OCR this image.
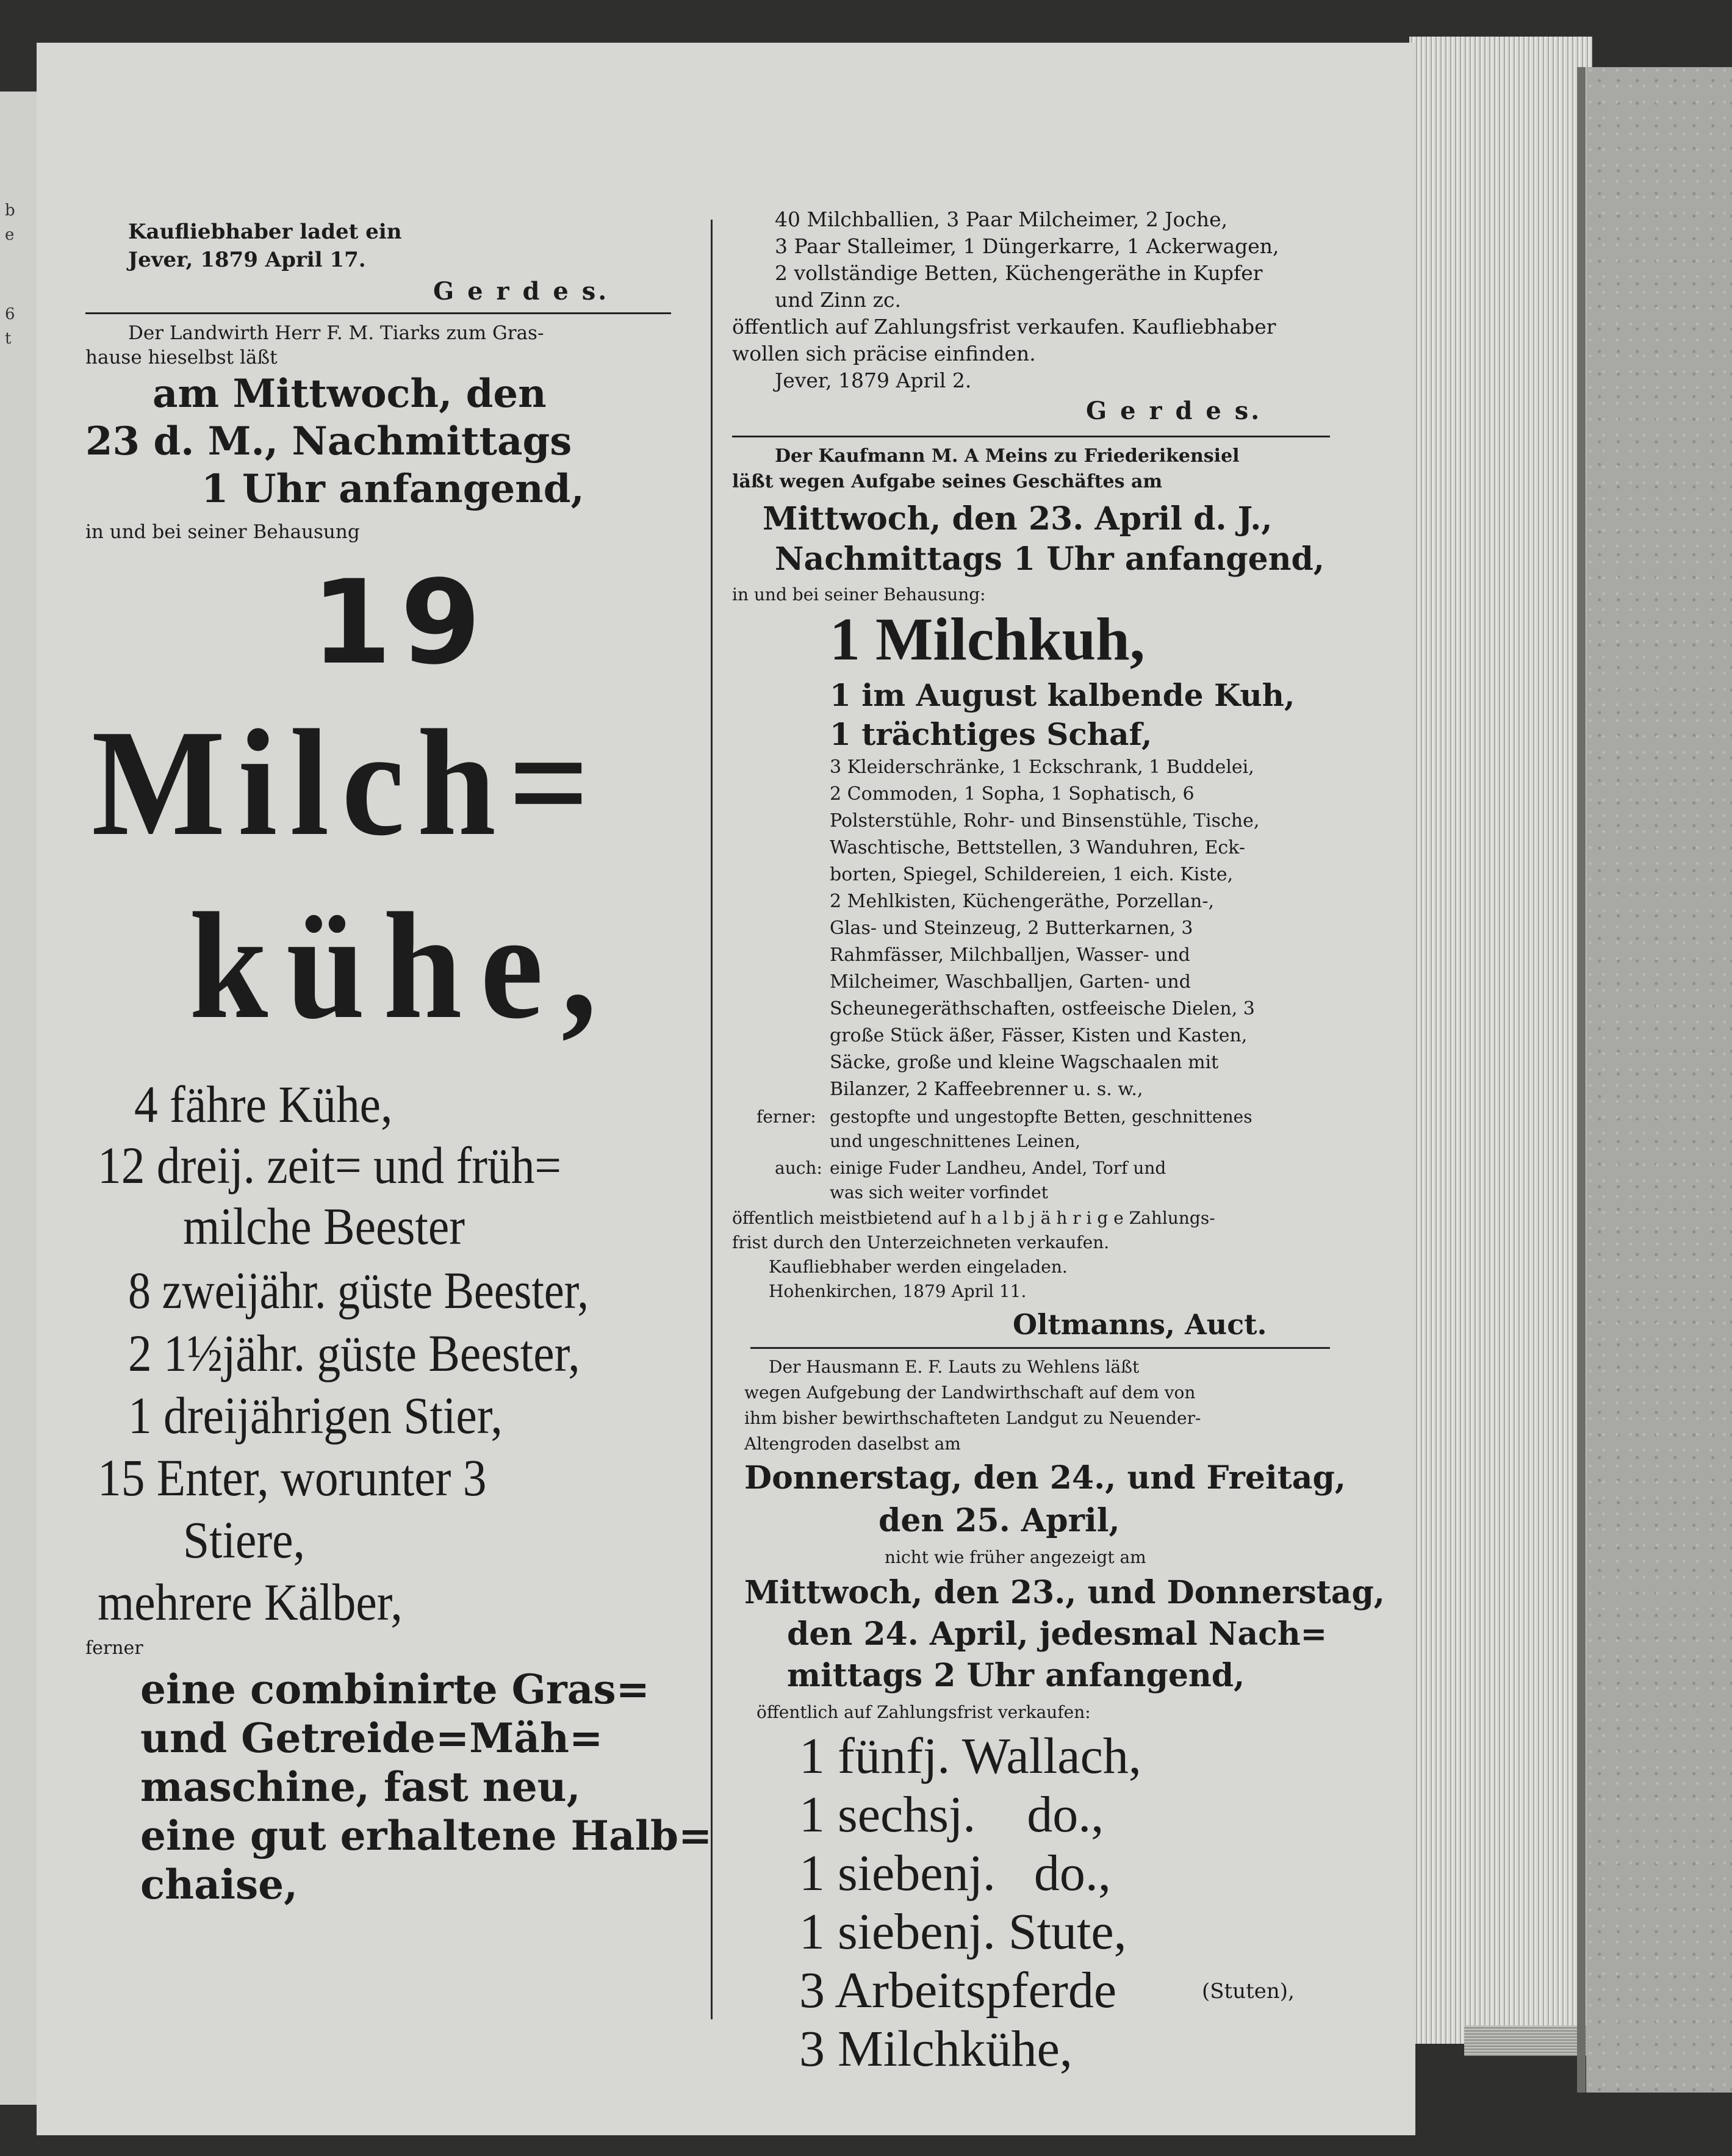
b
e
6
t

Kaufliebhaber ladet ein

Jever, 1879 April 17.

G e r d e s.

Der Landwirth Herr F. M. Tiarks zum Gras-

hause hieselbst läßt

am Mittwoch, den

23 d. M., Nachmittags

1 Uhr anfangend,

in und bei seiner Behausung

19

Milch=

kühe,

4 fähre Kühe,

12 dreij. zeit= und früh=

milche Beester

8 zweijähr. güste Beester,

2 1½jähr. güste Beester,

1 dreijährigen Stier,

15 Enter, worunter 3

Stiere,

mehrere Kälber,

ferner

eine combinirte Gras=

und Getreide=Mäh=

maschine, fast neu,

eine gut erhaltene Halb=

chaise,

40 Milchballien, 3 Paar Milcheimer, 2 Joche,

3 Paar Stalleimer, 1 Düngerkarre, 1 Ackerwagen,

2 vollständige Betten, Küchengeräthe in Kupfer

und Zinn zc.

öffentlich auf Zahlungsfrist verkaufen. Kaufliebhaber

wollen sich präcise einfinden.

Jever, 1879 April 2.

G e r d e s.

Der Kaufmann M. A Meins zu Friederikensiel

läßt wegen Aufgabe seines Geschäftes am

Mittwoch, den 23. April d. J.,

Nachmittags 1 Uhr anfangend,

in und bei seiner Behausung:

1 Milchkuh,

1 im August kalbende Kuh,

1 trächtiges Schaf,

3 Kleiderschränke, 1 Eckschrank, 1 Buddelei,

2 Commoden, 1 Sopha, 1 Sophatisch, 6

Polsterstühle, Rohr- und Binsenstühle, Tische,

Waschtische, Bettstellen, 3 Wanduhren, Eck-

borten, Spiegel, Schildereien, 1 eich. Kiste,

2 Mehlkisten, Küchengeräthe, Porzellan-,

Glas- und Steinzeug, 2 Butterkarnen, 3

Rahmfässer, Milchballjen, Wasser- und

Milcheimer, Waschballjen, Garten- und

Scheunegeräthschaften, ostfeeische Dielen, 3

große Stück äßer, Fässer, Kisten und Kasten,

Säcke, große und kleine Wagschaalen mit

Bilanzer, 2 Kaffeebrenner u. s. w.,

ferner: gestopfte und ungestopfte Betten, geschnittenes

und ungeschnittenes Leinen,

auch: einige Fuder Landheu, Andel, Torf und

was sich weiter vorfindet

öffentlich meistbietend auf h a l b j ä h r i g e Zahlungs-

frist durch den Unterzeichneten verkaufen.

Kaufliebhaber werden eingeladen.

Hohenkirchen, 1879 April 11.

Oltmanns, Auct.

Der Hausmann E. F. Lauts zu Wehlens läßt

wegen Aufgebung der Landwirthschaft auf dem von

ihm bisher bewirthschafteten Landgut zu Neuender-

Altengroden daselbst am

Donnerstag, den 24., und Freitag,

den 25. April,

nicht wie früher angezeigt am

Mittwoch, den 23., und Donnerstag,

den 24. April, jedesmal Nach=

mittags 2 Uhr anfangend,

öffentlich auf Zahlungsfrist verkaufen:

1 fünfj. Wallach,

1 sechsj.    do.,

1 siebenj.   do.,

1 siebenj. Stute,

3 Arbeitspferde	(Stuten),

3 Milchkühe,
